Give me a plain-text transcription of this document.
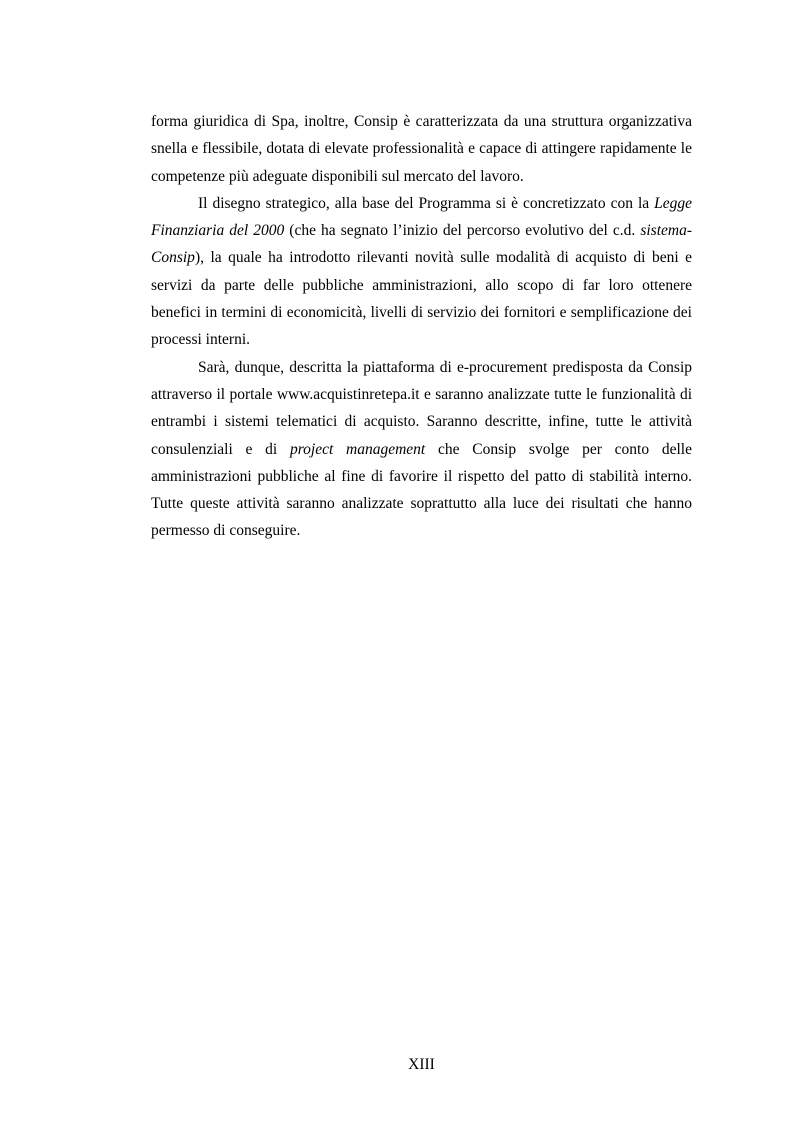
forma giuridica di Spa, inoltre, Consip è caratterizzata da una struttura organizzativa snella e flessibile, dotata di elevate professionalità e capace di attingere rapidamente le competenze più adeguate disponibili sul mercato del lavoro.

Il disegno strategico, alla base del Programma si è concretizzato con la Legge Finanziaria del 2000 (che ha segnato l’inizio del percorso evolutivo del c.d. sistema-Consip), la quale ha introdotto rilevanti novità sulle modalità di acquisto di beni e servizi da parte delle pubbliche amministrazioni, allo scopo di far loro ottenere benefici in termini di economicità, livelli di servizio dei fornitori e semplificazione dei processi interni.

Sarà, dunque, descritta la piattaforma di e-procurement predisposta da Consip attraverso il portale www.acquistinretepa.it e saranno analizzate tutte le funzionalità di entrambi i sistemi telematici di acquisto. Saranno descritte, infine, tutte le attività consulenziali e di project management che Consip svolge per conto delle amministrazioni pubbliche al fine di favorire il rispetto del patto di stabilità interno. Tutte queste attività saranno analizzate soprattutto alla luce dei risultati che hanno permesso di conseguire.

XIII
